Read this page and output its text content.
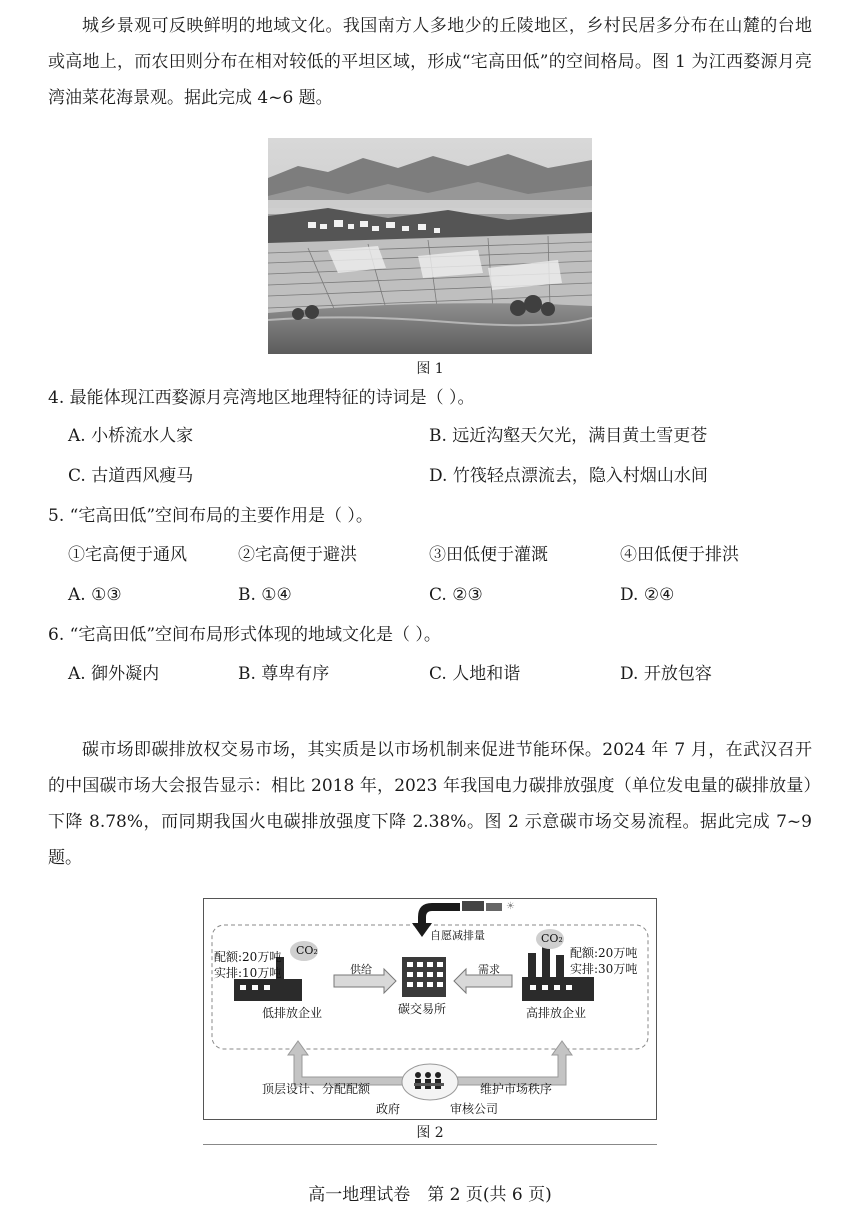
城乡景观可反映鲜明的地域文化。我国南方人多地少的丘陵地区，乡村民居多分布在山麓的台地或高地上，而农田则分布在相对较低的平坦区域，形成“宅高田低”的空间格局。图 1 为江西婺源月亮湾油菜花海景观。据此完成 4~6 题。

图 1

4. 最能体现江西婺源月亮湾地区地理特征的诗词是（ ）。

A. 小桥流水人家	B. 远近沟壑天欠光，满目黄土雪更苍
C. 古道西风瘦马	D. 竹筏轻点漂流去，隐入村烟山水间

5. “宅高田低”空间布局的主要作用是（ ）。

①宅高便于通风	②宅高便于避洪	③田低便于灌溉	④田低便于排洪
A. ①③	B. ①④	C. ②③	D. ②④

6. “宅高田低”空间布局形式体现的地域文化是（ ）。

A. 御外凝内	B. 尊卑有序	C. 人地和谐	D. 开放包容

碳市场即碳排放权交易市场，其实质是以市场机制来促进节能环保。2024 年 7 月，在武汉召开的中国碳市场大会报告显示：相比 2018 年，2023 年我国电力碳排放强度（单位发电量的碳排放量）下降 8.78%，而同期我国火电碳排放强度下降 2.38%。图 2 示意碳市场交易流程。据此完成 7~9 题。

CO₂
配额:20万吨
实排:10万吨
低排放企业
供给
碳交易所
☀
自愿减排量
需求
CO₂
配额:20万吨
实排:30万吨
高排放企业
顶层设计、分配配额	维护市场秩序
政府	审核公司
图 2
高一地理试卷　第 2 页(共 6 页)
